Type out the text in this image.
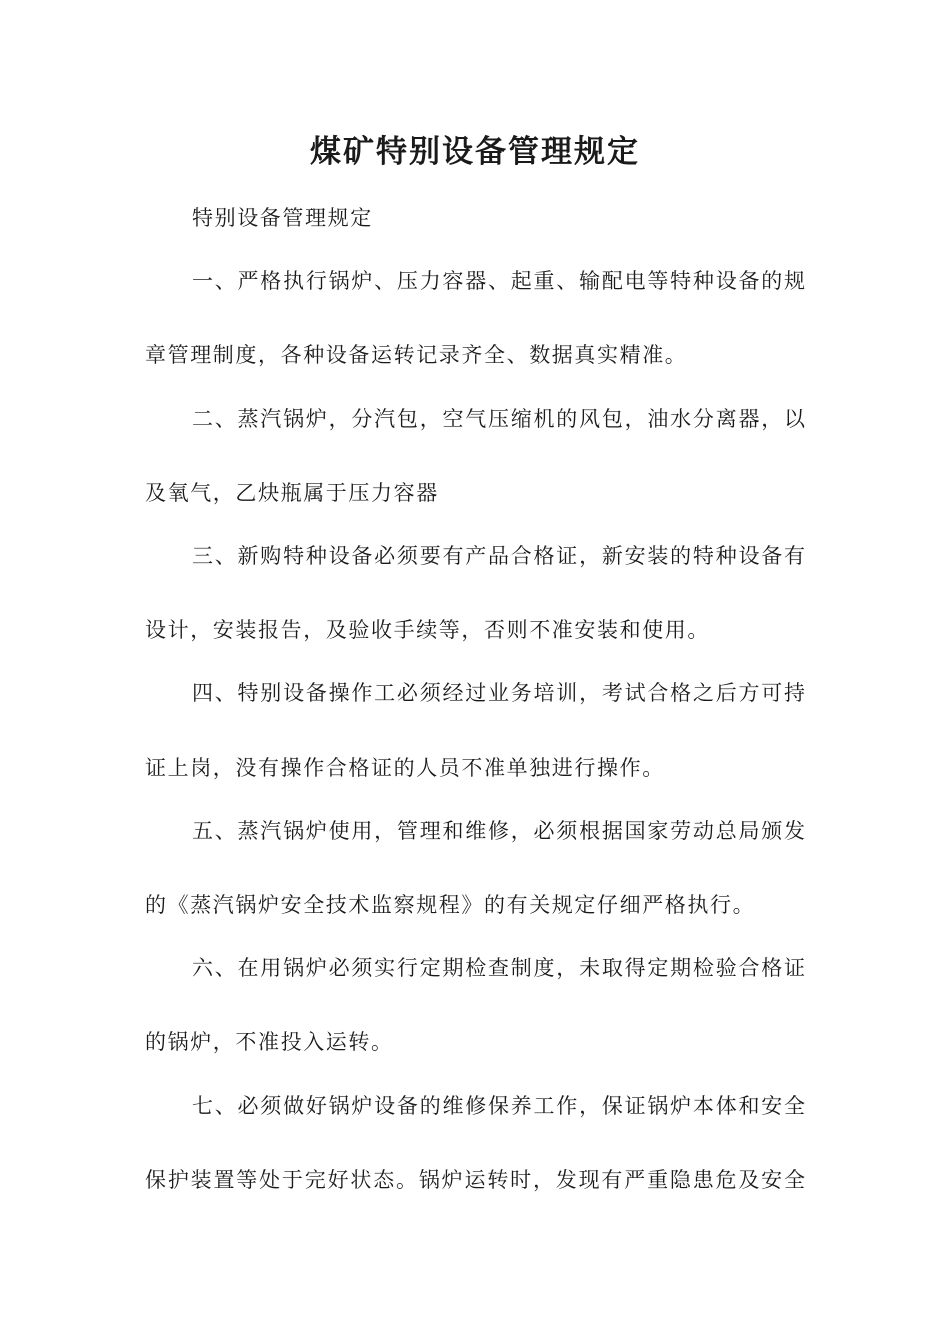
煤矿特别设备管理规定

特别设备管理规定

一、严格执行锅炉、压力容器、起重、输配电等特种设备的规

章管理制度，各种设备运转记录齐全、数据真实精准。

二、蒸汽锅炉，分汽包，空气压缩机的风包，油水分离器，以

及氧气，乙炔瓶属于压力容器

三、新购特种设备必须要有产品合格证，新安装的特种设备有

设计，安装报告，及验收手续等，否则不准安装和使用。

四、特别设备操作工必须经过业务培训，考试合格之后方可持

证上岗，没有操作合格证的人员不准单独进行操作。

五、蒸汽锅炉使用，管理和维修，必须根据国家劳动总局颁发

的《蒸汽锅炉安全技术监察规程》的有关规定仔细严格执行。

六、在用锅炉必须实行定期检查制度，未取得定期检验合格证

的锅炉，不准投入运转。

七、必须做好锅炉设备的维修保养工作，保证锅炉本体和安全

保护装置等处于完好状态。锅炉运转时，发现有严重隐患危及安全
